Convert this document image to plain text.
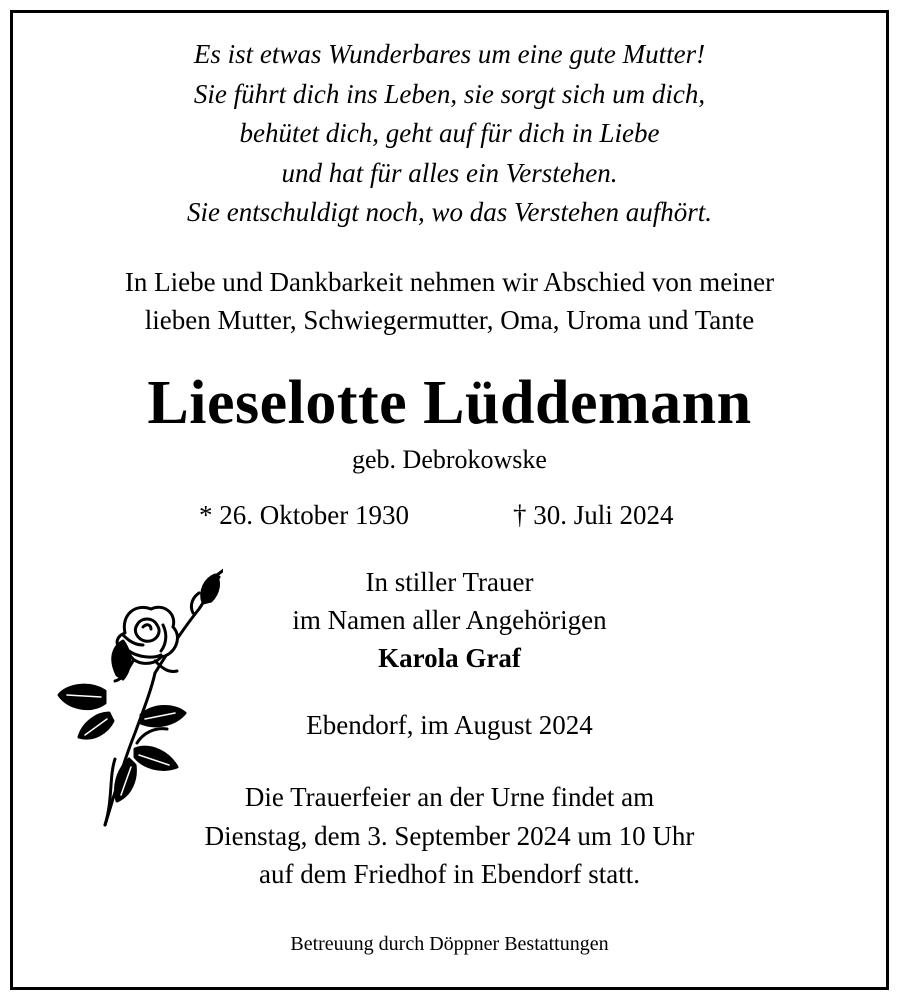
Es ist etwas Wunderbares um eine gute Mutter!
Sie führt dich ins Leben, sie sorgt sich um dich,
behütet dich, geht auf für dich in Liebe
und hat für alles ein Verstehen.
Sie entschuldigt noch, wo das Verstehen aufhört.
In Liebe und Dankbarkeit nehmen wir Abschied von meiner
lieben Mutter, Schwiegermutter, Oma, Uroma und Tante
Lieselotte Lüddemann
geb. Debrokowske
* 26. Oktober 1930	† 30. Juli 2024
In stiller Trauer
im Namen aller Angehörigen
Karola Graf
Ebendorf, im August 2024
Die Trauerfeier an der Urne findet am
Dienstag, dem 3. September 2024 um 10 Uhr
auf dem Friedhof in Ebendorf statt.
Betreuung durch Döppner Bestattungen
